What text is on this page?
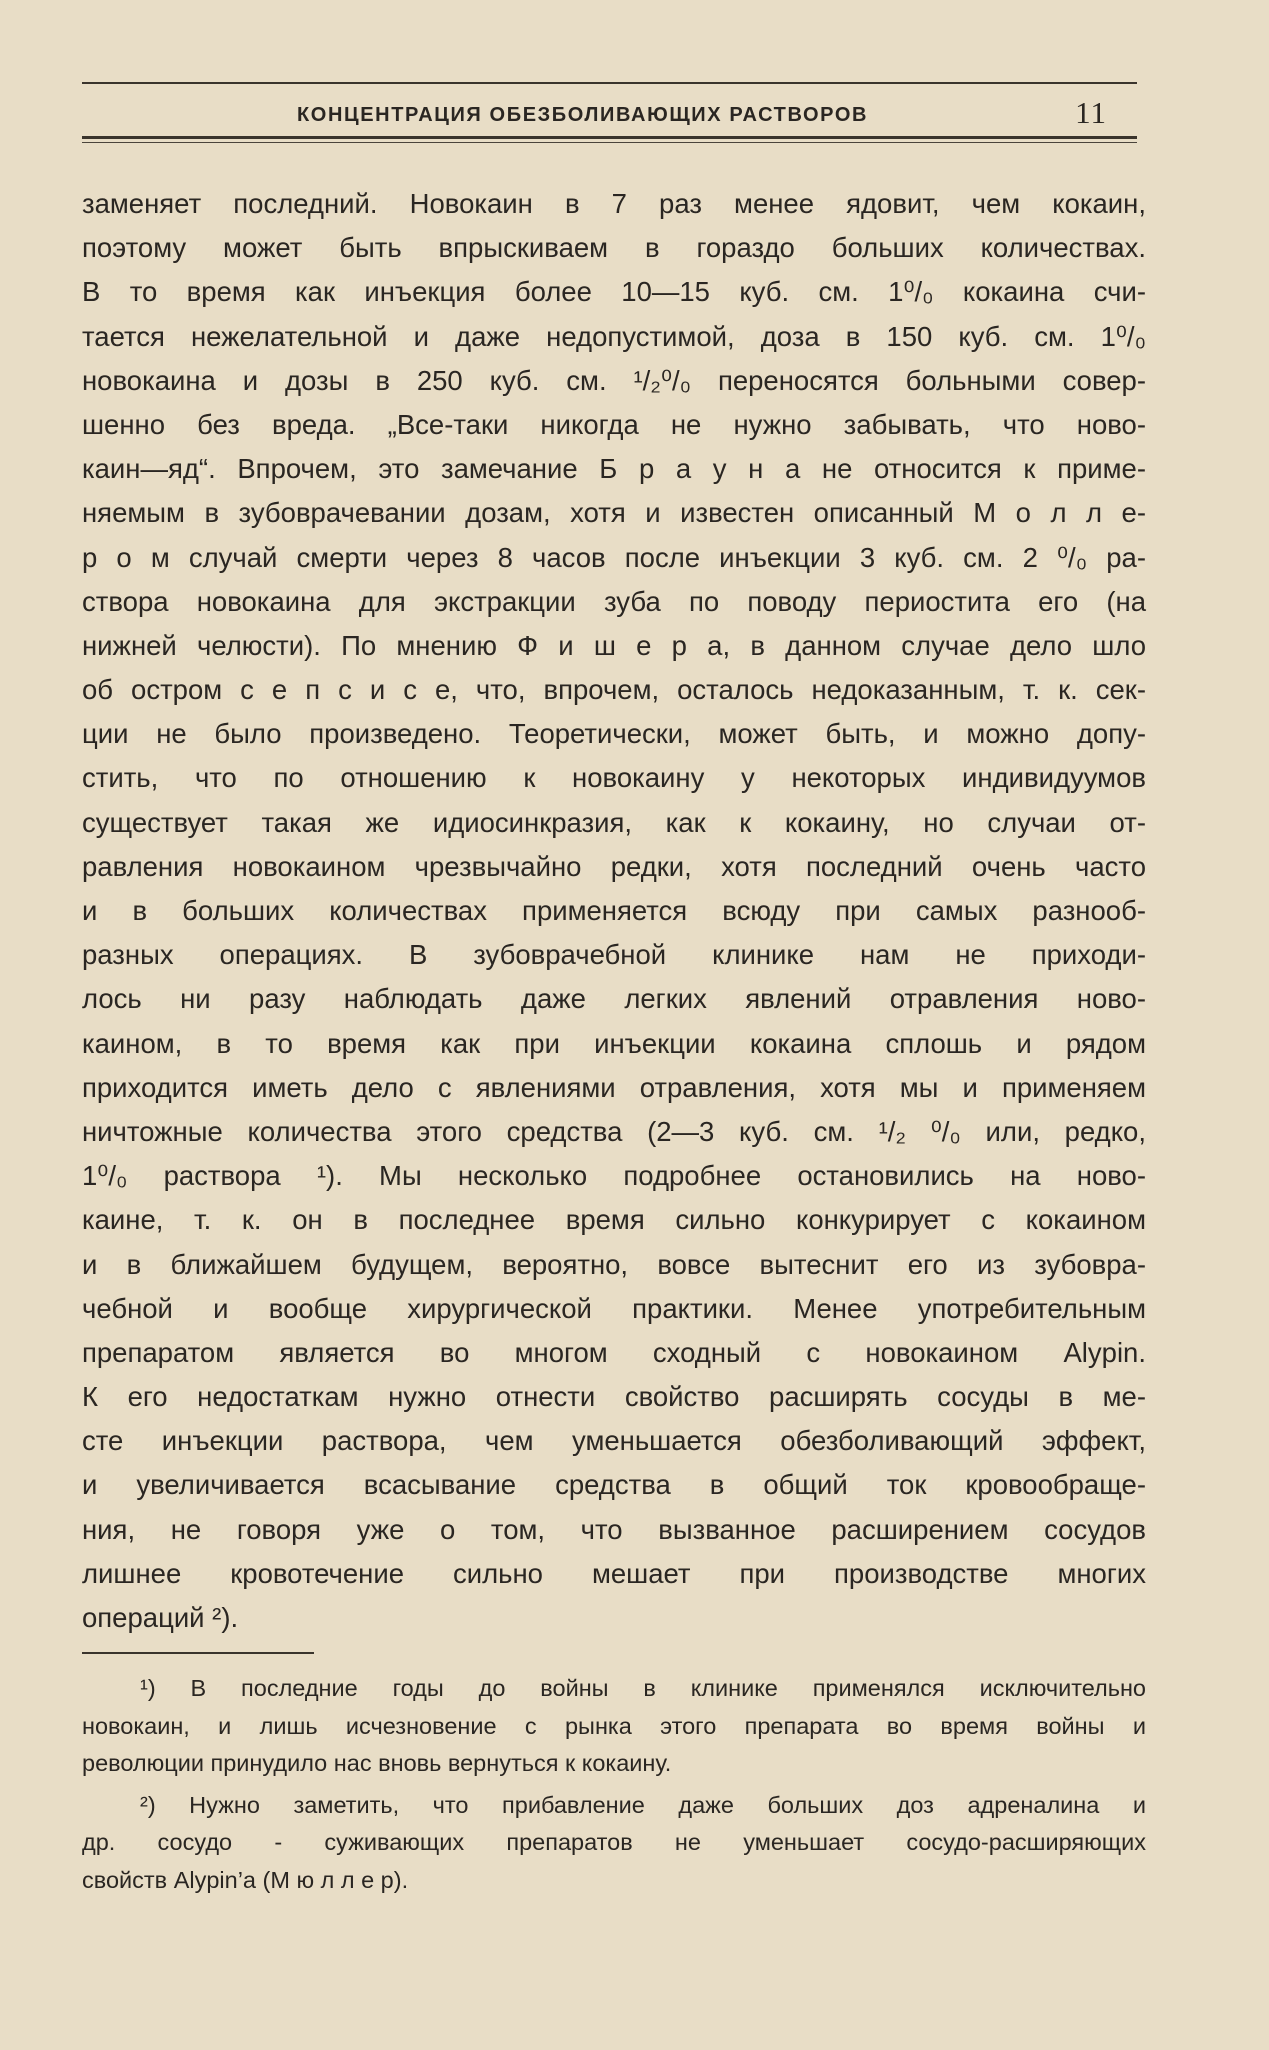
КОНЦЕНТРАЦИЯ ОБЕЗБОЛИВАЮЩИХ РАСТВОРОВ	11
заменяет последний. Новокаин в 7 раз менее ядовит, чем кокаин,
поэтому может быть впрыскиваем в гораздо больших количествах.
В то время как инъекция более 10—15 куб. см. 1⁰/₀ кокаина счи-
тается нежелательной и даже недопустимой, доза в 150 куб. см. 1⁰/₀
новокаина и дозы в 250 куб. см. ¹/₂⁰/₀ переносятся больными совер-
шенно без вреда. „Все-таки никогда не нужно забывать, что ново-
каин—яд“. Впрочем, это замечание Б р а у н а не относится к приме-
няемым в зубоврачевании дозам, хотя и известен описанный М о л л е-
р о м случай смерти через 8 часов после инъекции 3 куб. см. 2 ⁰/₀ ра-
створа новокаина для экстракции зуба по поводу периостита его (на
нижней челюсти). По мнению Ф и ш е р а, в данном случае дело шло
об остром с е п с и с е, что, впрочем, осталось недоказанным, т. к. сек-
ции не было произведено. Теоретически, может быть, и можно допу-
стить, что по отношению к новокаину у некоторых индивидуумов
существует такая же идиосинкразия, как к кокаину, но случаи от-
равления новокаином чрезвычайно редки, хотя последний очень часто
и в больших количествах применяется всюду при самых разнооб-
разных операциях. В зубоврачебной клинике нам не приходи-
лось ни разу наблюдать даже легких явлений отравления ново-
каином, в то время как при инъекции кокаина сплошь и рядом
приходится иметь дело с явлениями отравления, хотя мы и применяем
ничтожные количества этого средства (2—3 куб. см. ¹/₂ ⁰/₀ или, редко,
1⁰/₀ раствора ¹). Мы несколько подробнее остановились на ново-
каине, т. к. он в последнее время сильно конкурирует с кокаином
и в ближайшем будущем, вероятно, вовсе вытеснит его из зубовра-
чебной и вообще хирургической практики. Менее употребительным
препаратом является во многом сходный с новокаином Alypin.
К его недостаткам нужно отнести свойство расширять сосуды в ме-
сте инъекции раствора, чем уменьшается обезболивающий эффект,
и увеличивается всасывание средства в общий ток кровообраще-
ния, не говоря уже о том, что вызванное расширением сосудов
лишнее кровотечение сильно мешает при производстве многих
операций ²).
¹) В последние годы до войны в клинике применялся исключительно
новокаин, и лишь исчезновение с рынка этого препарата во время войны и
революции принудило нас вновь вернуться к кокаину.
²) Нужно заметить, что прибавление даже больших доз адреналина и
др. сосудо - суживающих препаратов не уменьшает сосудо-расширяющих
свойств Alypin’a (М ю л л е р).
